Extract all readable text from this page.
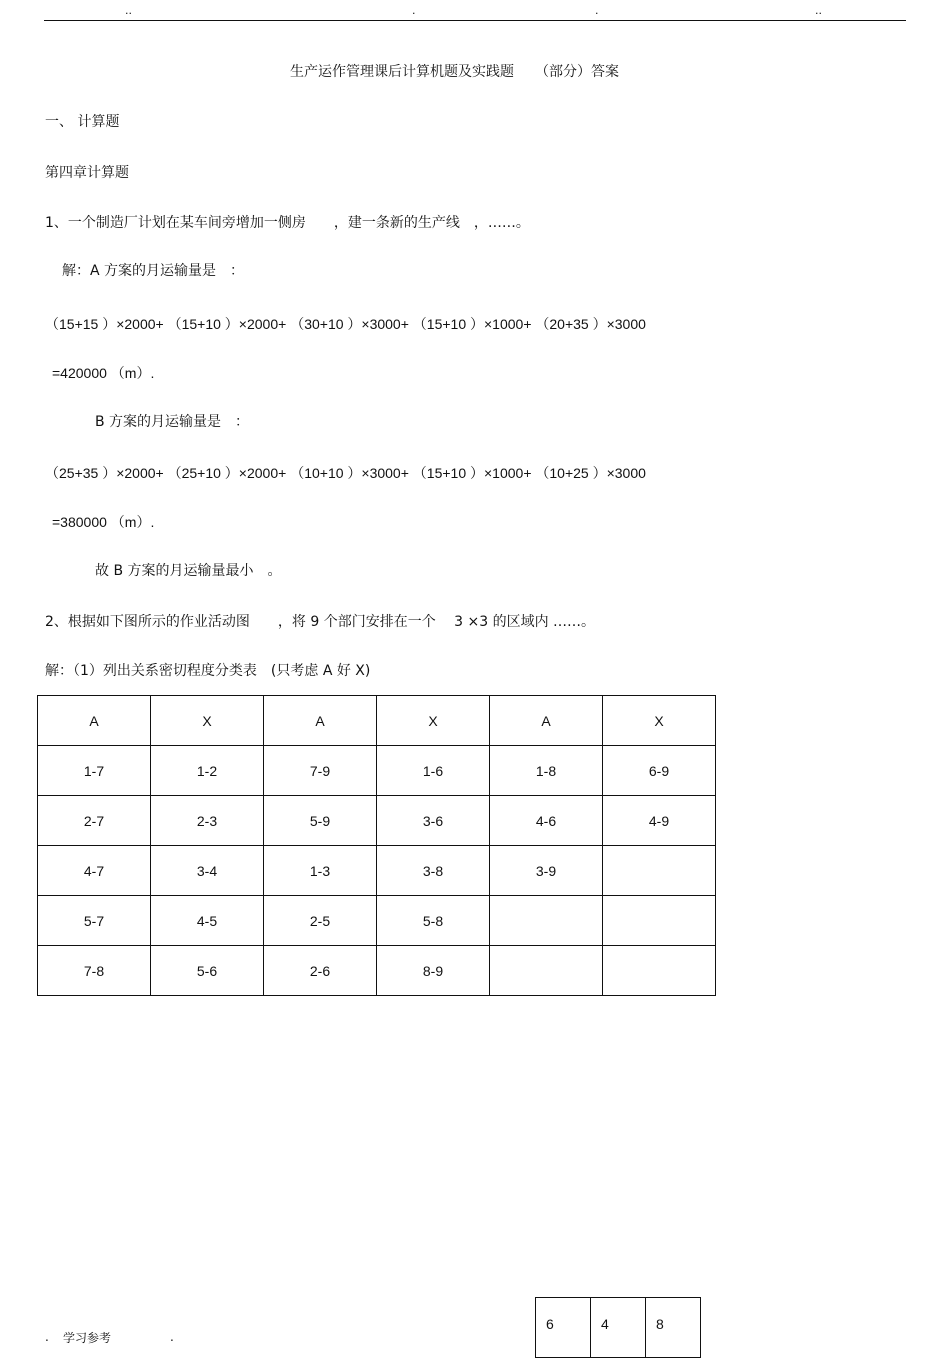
..	.	.	..
生产运作管理课后计算机题及实践题　　（部分）答案
一、 计算题
第四章计算题
1、一个制造厂计划在某车间旁增加一侧房　　，建一条新的生产线　，……。
解：A 方案的月运输量是　：
（15+15 ）×2000+ （15+10 ）×2000+ （30+10 ）×3000+ （15+10 ）×1000+ （20+35 ）×3000
=420000 （m）.
B 方案的月运输量是　：
（25+35 ）×2000+ （25+10 ）×2000+ （10+10 ）×3000+ （15+10 ）×1000+ （10+25 ）×3000
=380000 （m）.
故 B 方案的月运输量最小　。
2、根据如下图所示的作业活动图　　，将 9 个部门安排在一个　 3 ×3 的区域内 ……。
解：（1）列出关系密切程度分类表　(只考虑 A 好 X)
A	X	A	X	A	X
1-7	1-2	7-9	1-6	1-8	6-9
2-7	2-3	5-9	3-6	4-6	4-9
4-7	3-4	1-3	3-8	3-9	
5-7	4-5	2-5	5-8		
7-8	5-6	2-6	8-9		
6	4	8
. 学习参考	.
